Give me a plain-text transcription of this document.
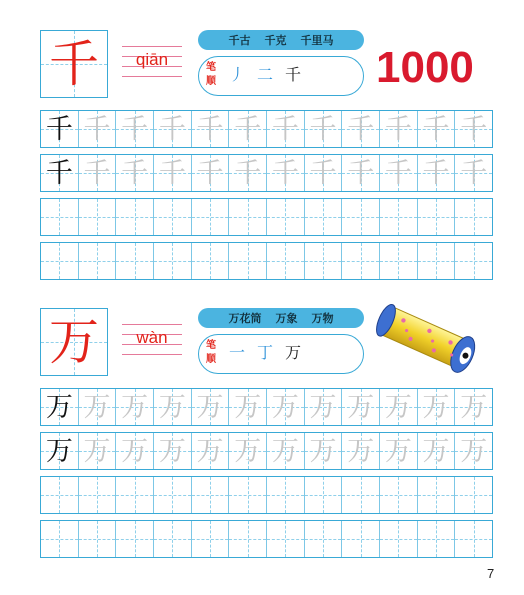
千	qiān
千古 千克 千里马
笔顺 丿 二 千 1000
千 千 千 千 千 千 千 千 千 千 千 千
千 千 千 千 千 千 千 千 千 千 千 千
万	wàn
万花筒 万象 万物
笔顺 一 丁 万
万 万 万 万 万 万 万 万 万 万 万 万
万 万 万 万 万 万 万 万 万 万 万 万
7
